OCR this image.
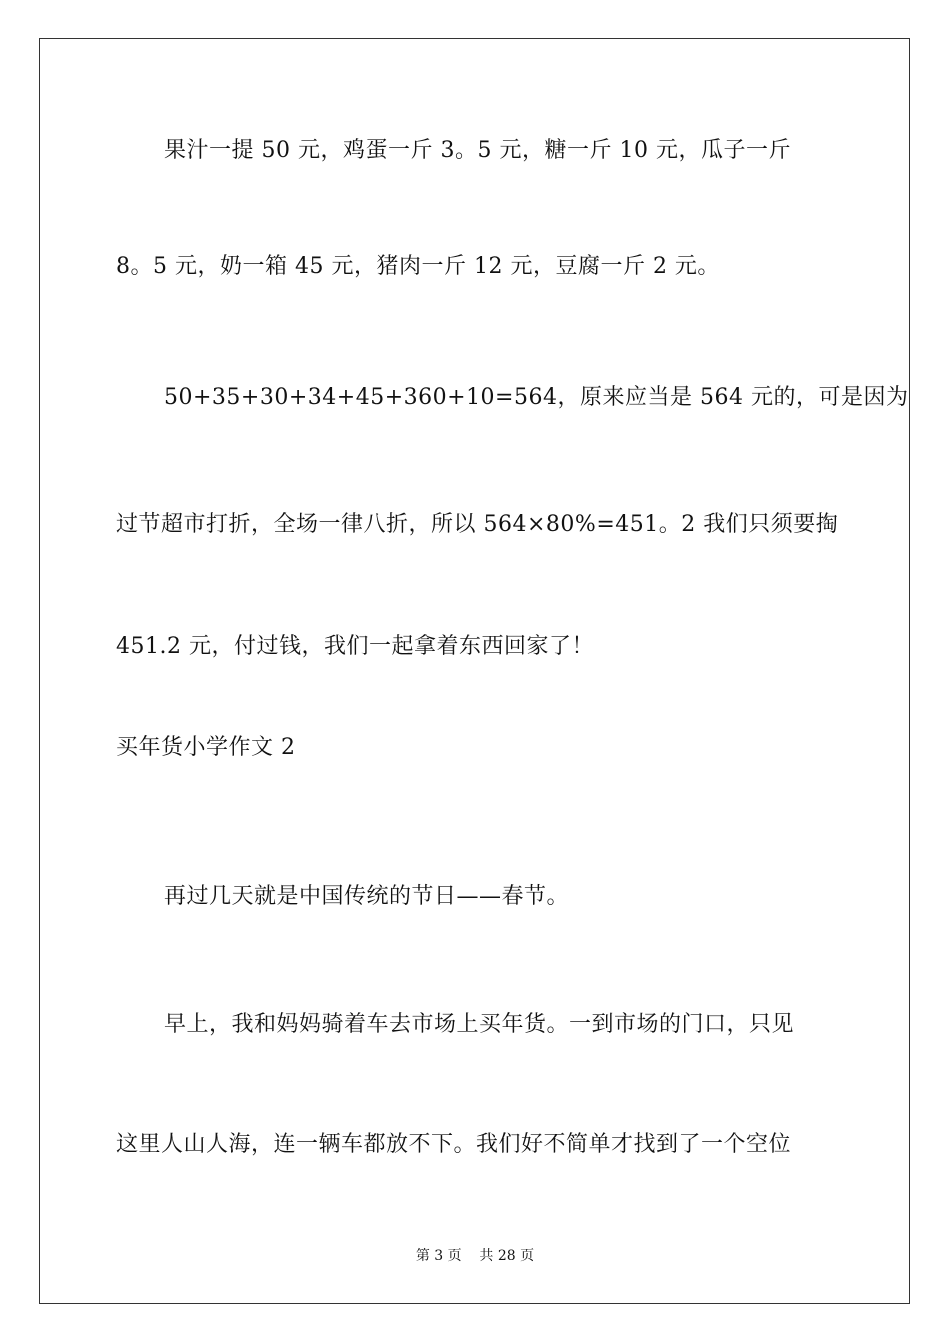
果汁一提 50 元，鸡蛋一斤 3。5 元，糖一斤 10 元，瓜子一斤
8。5 元，奶一箱 45 元，猪肉一斤 12 元，豆腐一斤 2 元。
50+35+30+34+45+360+10=564，原来应当是 564 元的，可是因为
过节超市打折，全场一律八折，所以 564×80%=451。2 我们只须要掏
451.2 元，付过钱，我们一起拿着东西回家了！
买年货小学作文 2
再过几天就是中国传统的节日——春节。
早上，我和妈妈骑着车去市场上买年货。一到市场的门口，只见
这里人山人海，连一辆车都放不下。我们好不简单才找到了一个空位
第 3 页    共 28 页
